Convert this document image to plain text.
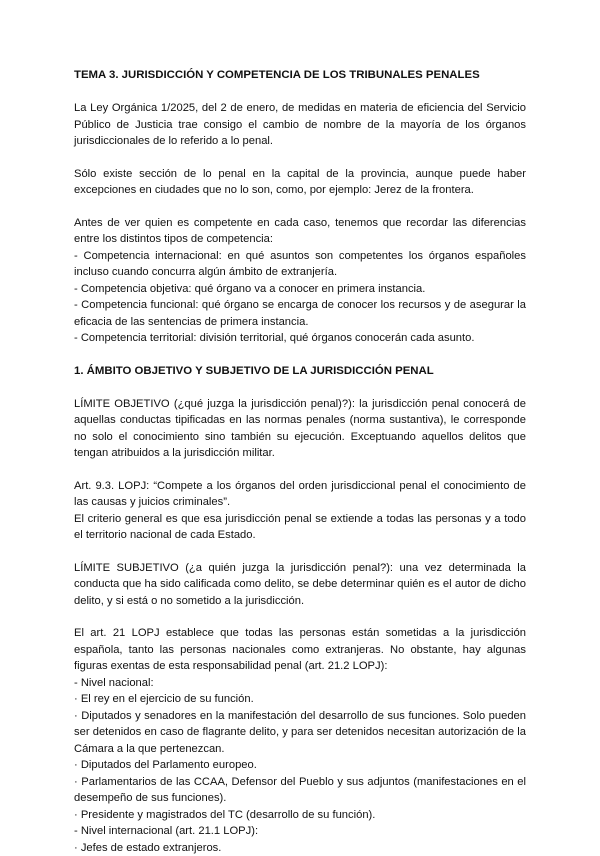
TEMA 3. JURISDICCIÓN Y COMPETENCIA DE LOS TRIBUNALES PENALES

La Ley Orgánica 1/2025, del 2 de enero, de medidas en materia de eficiencia del Servicio Público de Justicia trae consigo el cambio de nombre de la mayoría de los órganos jurisdiccionales de lo referido a lo penal.

Sólo existe sección de lo penal en la capital de la provincia, aunque puede haber excepciones en ciudades que no lo son, como, por ejemplo: Jerez de la frontera.

Antes de ver quien es competente en cada caso, tenemos que recordar las diferencias entre los distintos tipos de competencia:

- Competencia internacional: en qué asuntos son competentes los órganos españoles incluso cuando concurra algún ámbito de extranjería.

- Competencia objetiva: qué órgano va a conocer en primera instancia.

- Competencia funcional: qué órgano se encarga de conocer los recursos y de asegurar la eficacia de las sentencias de primera instancia.

- Competencia territorial: división territorial, qué órganos conocerán cada asunto.

1. ÁMBITO OBJETIVO Y SUBJETIVO DE LA JURISDICCIÓN PENAL

LÍMITE OBJETIVO (¿qué juzga la jurisdicción penal)?): la jurisdicción penal conocerá de aquellas conductas tipificadas en las normas penales (norma sustantiva), le corresponde no solo el conocimiento sino también su ejecución. Exceptuando aquellos delitos que tengan atribuidos a la jurisdicción militar.

Art. 9.3. LOPJ: “Compete a los órganos del orden jurisdiccional penal el conocimiento de las causas y juicios criminales”.

El criterio general es que esa jurisdicción penal se extiende a todas las personas y a todo el territorio nacional de cada Estado.

LÍMITE SUBJETIVO (¿a quién juzga la jurisdicción penal?): una vez determinada la conducta que ha sido calificada como delito, se debe determinar quién es el autor de dicho delito, y si está o no sometido a la jurisdicción.

El art. 21 LOPJ establece que todas las personas están sometidas a la jurisdicción española, tanto las personas nacionales como extranjeras. No obstante, hay algunas figuras exentas de esta responsabilidad penal (art. 21.2 LOPJ):

- Nivel nacional:

· El rey en el ejercicio de su función.

· Diputados y senadores en la manifestación del desarrollo de sus funciones. Solo pueden ser detenidos en caso de flagrante delito, y para ser detenidos necesitan autorización de la Cámara a la que pertenezcan.

· Diputados del Parlamento europeo.

· Parlamentarios de las CCAA, Defensor del Pueblo y sus adjuntos (manifestaciones en el desempeño de sus funciones).

· Presidente y magistrados del TC (desarrollo de su función).

- Nivel internacional (art. 21.1 LOPJ):

· Jefes de estado extranjeros.
